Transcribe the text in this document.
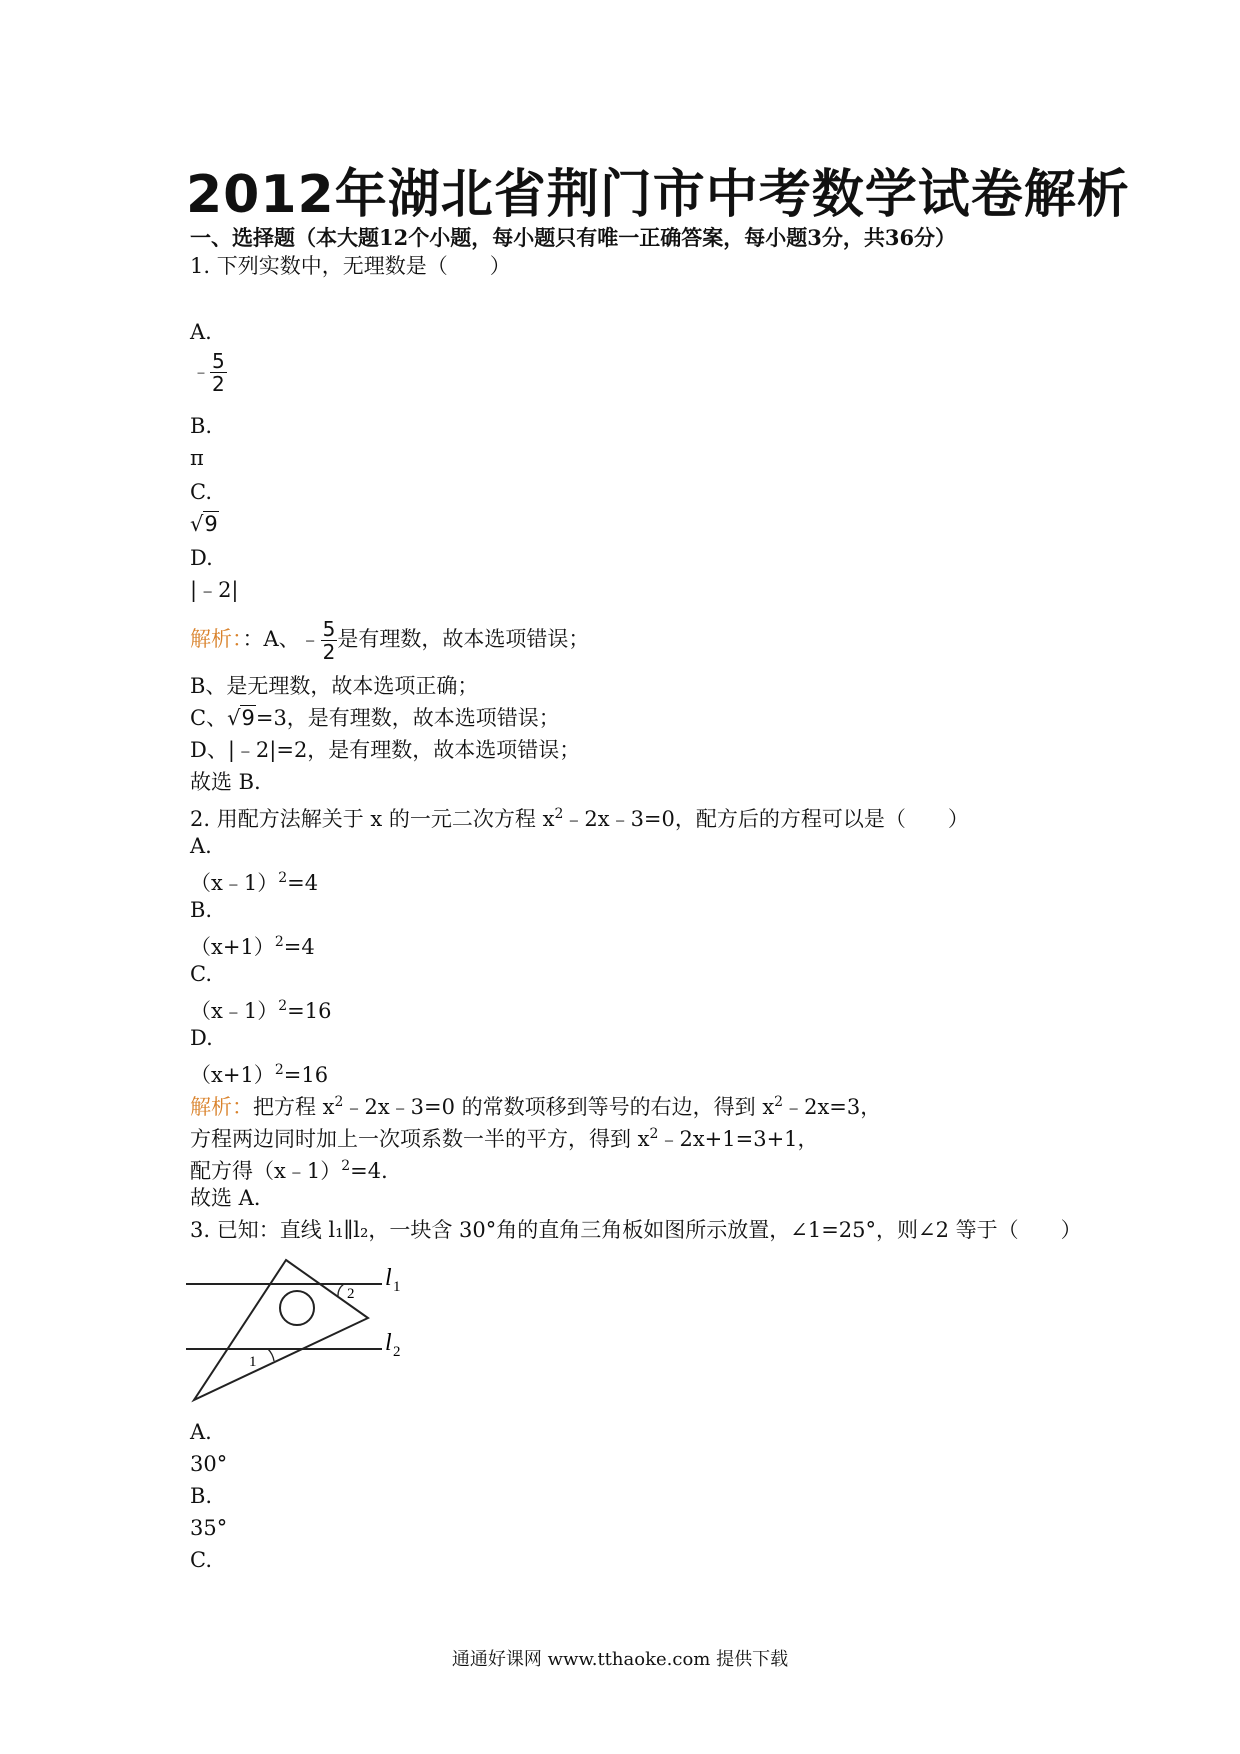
2012年湖北省荆门市中考数学试卷解析
一、选择题（本大题12个小题，每小题只有唯一正确答案，每小题3分，共36分）
1. 下列实数中，无理数是（　　）
A.
﹣ $\frac{5}{2}$
B.
π
C.
√9
D.
|﹣2|
解析：：A、﹣ $\frac{5}{2}$ 是有理数，故本选项错误；
B、是无理数，故本选项正确；
C、√9=3，是有理数，故本选项错误；
D、|﹣2|=2，是有理数，故本选项错误；
故选 B．
2. 用配方法解关于 x 的一元二次方程 $x^2﹣2x﹣3=0$，配方后的方程可以是（　　）
A.
（x﹣1）$^2$=4
B.
$(x+1)^2=4$
C.
（x﹣1）$^2$=16
D.
$(x+1)^2=16$
解析：把方程 $x^2﹣2x﹣3=0$ 的常数项移到等号的右边，得到 $x^2﹣2x=3$，
方程两边同时加上一次项系数一半的平方，得到 $x^2﹣2x+1=3+1$，
配方得（x﹣1）$^2$=4．
故选 A．
3. 已知：直线 l₁∥l₂，一块含 30°角的直角三角板如图所示放置，∠1=25°，则∠2 等于（　　）
1
2
l 1
l 2
A.
30°
B.
35°
C.
通通好课网 www.tthaoke.com 提供下载
